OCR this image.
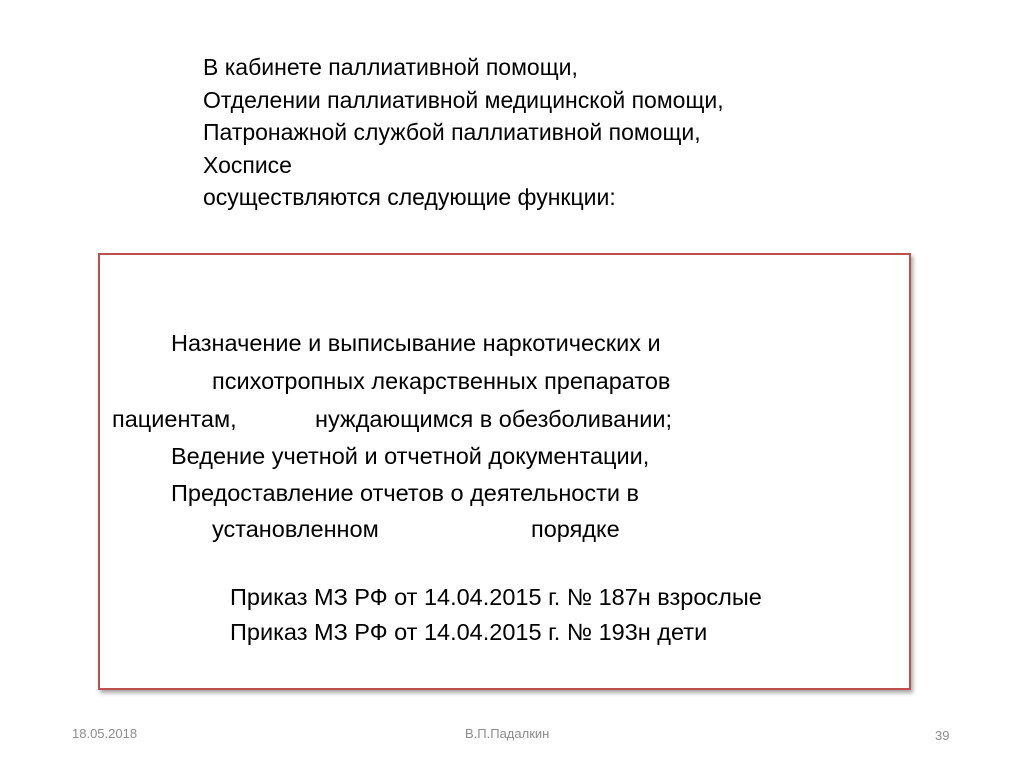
В кабинете паллиативной помощи,
Отделении паллиативной медицинской помощи,
Патронажной службой паллиативной помощи,
Хосписе
осуществляются следующие функции:
Назначение и выписывание наркотических и
психотропных лекарственных препаратов
пациентам,	нуждающимся в обезболивании;
Ведение учетной и отчетной документации,
Предоставление отчетов о деятельности в
установленном	порядке
Приказ МЗ РФ от 14.04.2015 г. № 187н взрослые
Приказ МЗ РФ от 14.04.2015 г. № 193н дети
18.05.2018	В.П.Падалкин	39
